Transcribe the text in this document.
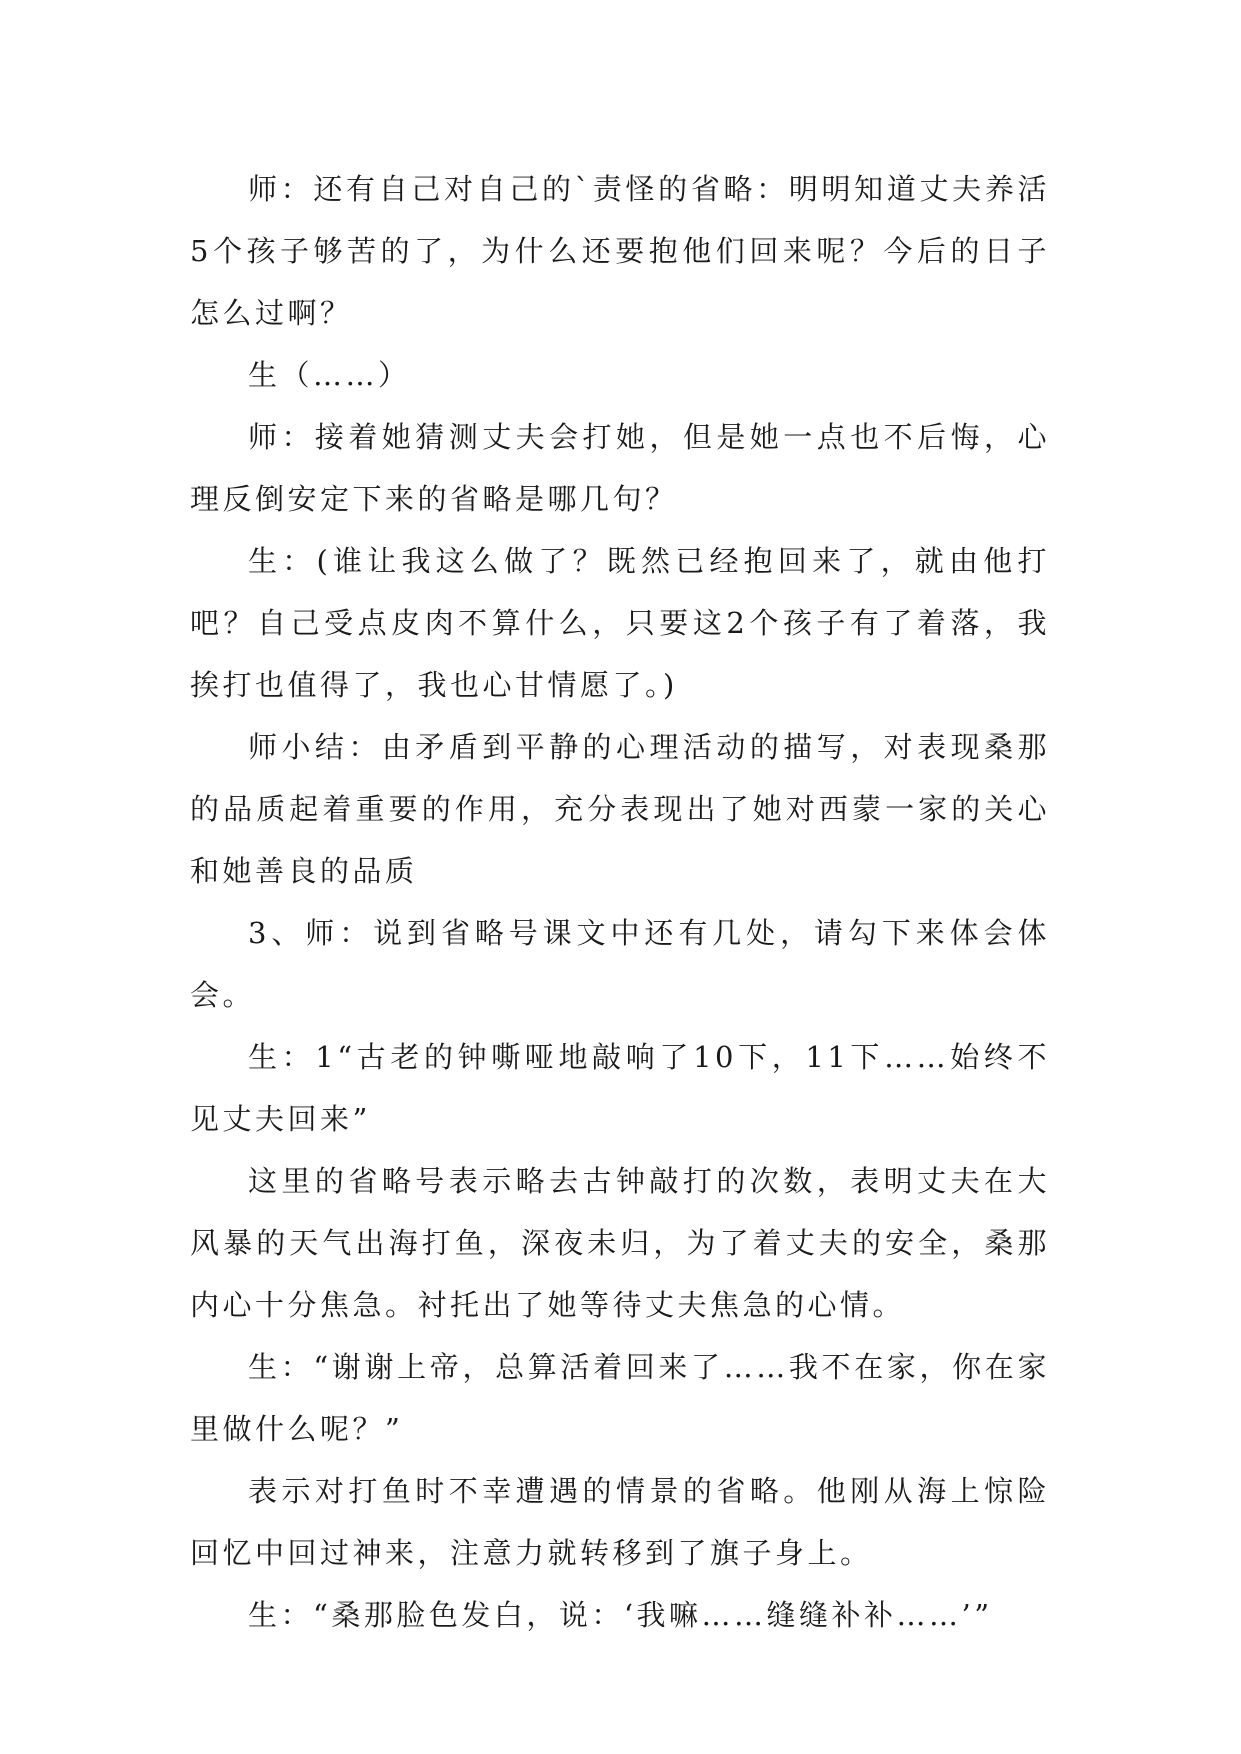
师：还有自己对自己的`责怪的省略：明明知道丈夫养活5个孩子够苦的了，为什么还要抱他们回来呢？今后的日子怎么过啊？

生（……）

师：接着她猜测丈夫会打她，但是她一点也不后悔，心理反倒安定下来的省略是哪几句？

生：(谁让我这么做了？既然已经抱回来了，就由他打吧？自己受点皮肉不算什么，只要这2个孩子有了着落，我挨打也值得了，我也心甘情愿了。)

师小结：由矛盾到平静的心理活动的描写，对表现桑那的品质起着重要的作用，充分表现出了她对西蒙一家的关心和她善良的品质

3、师：说到省略号课文中还有几处，请勾下来体会体会。

生：1“古老的钟嘶哑地敲响了10下，11下……始终不见丈夫回来”

这里的省略号表示略去古钟敲打的次数，表明丈夫在大风暴的天气出海打鱼，深夜未归，为了着丈夫的安全，桑那内心十分焦急。衬托出了她等待丈夫焦急的心情。

生：“谢谢上帝，总算活着回来了……我不在家，你在家里做什么呢？”

表示对打鱼时不幸遭遇的情景的省略。他刚从海上惊险回忆中回过神来，注意力就转移到了旗子身上。

生：“桑那脸色发白，说：‘我嘛……缝缝补补……’”
